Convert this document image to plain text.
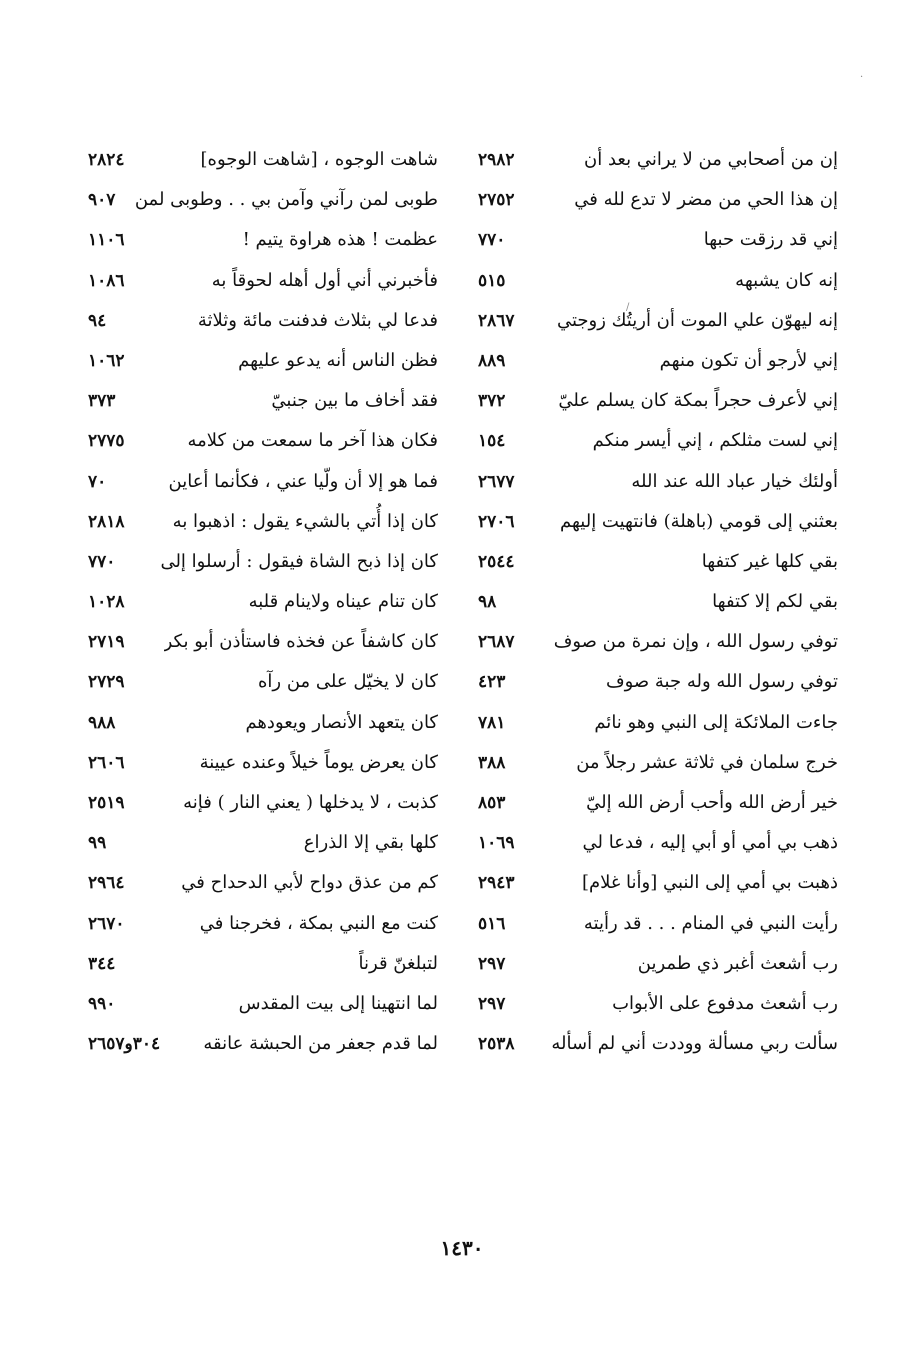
إن من أصحابي من لا يراني بعد أن
٢٩٨٢
إن هذا الحي من مضر لا تدع لله في
٢٧٥٢
إني قد رزقت حبها
٧٧٠
إنه كان يشبهه
٥١٥
إنه ليهوّن علي الموت أن أريتُك زوجتي
٢٨٦٧
إني لأرجو أن تكون منهم
٨٨٩
إني لأعرف حجراً بمكة كان يسلم عليّ
٣٧٢
إني لست مثلكم ، إني أيسر منكم
١٥٤
أولئك خيار عباد الله عند الله
٢٦٧٧
بعثني إلى قومي (باهلة) فانتهيت إليهم
٢٧٠٦
بقي كلها غير كتفها
٢٥٤٤
بقي لكم إلا كتفها
٩٨
توفي رسول الله ، وإن نمرة من صوف
٢٦٨٧
توفي رسول الله وله جبة صوف
٤٢٣
جاءت الملائكة إلى النبي وهو نائم
٧٨١
خرج سلمان في ثلاثة عشر رجلاً من
٣٨٨
خير أرض الله وأحب أرض الله إليّ
٨٥٣
ذهب بي أمي أو أبي إليه ، فدعا لي
١٠٦٩
ذهبت بي أمي إلى النبي [وأنا غلام]
٢٩٤٣
رأيت النبي في المنام . . . قد رأيته
٥١٦
رب أشعث أغبر ذي طمرين
٢٩٧
رب أشعث مدفوع على الأبواب
٢٩٧
سألت ربي مسألة ووددت أني لم أسأله
٢٥٣٨
شاهت الوجوه ، [شاهت الوجوه]
٢٨٢٤
طوبى لمن رآني وآمن بي . . وطوبى لمن
٩٠٧
عظمت ! هذه هراوة يتيم !
١١٠٦
فأخبرني أني أول أهله لحوقاً به
١٠٨٦
فدعا لي بثلاث فدفنت مائة وثلاثة
٩٤
فظن الناس أنه يدعو عليهم
١٠٦٢
فقد أخاف ما بين جنبيّ
٣٧٣
فكان هذا آخر ما سمعت من كلامه
٢٧٧٥
فما هو إلا أن ولّيا عني ، فكأنما أعاين
٧٠
كان إذا أُتي بالشيء يقول : اذهبوا به
٢٨١٨
كان إذا ذبح الشاة فيقول : أرسلوا إلى
٧٧٠
كان تنام عيناه ولاينام قلبه
١٠٢٨
كان كاشفاً عن فخذه فاستأذن أبو بكر
٢٧١٩
كان لا يخيّل على من رآه
٢٧٢٩
كان يتعهد الأنصار ويعودهم
٩٨٨
كان يعرض يوماً خيلاً وعنده عيينة
٢٦٠٦
كذبت ، لا يدخلها ( يعني النار ) فإنه
٢٥١٩
كلها بقي إلا الذراع
٩٩
كم من عذق دواح لأبي الدحداح في
٢٩٦٤
كنت مع النبي بمكة ، فخرجنا في
٢٦٧٠
لتبلغنّ قرناً
٣٤٤
لما انتهينا إلى بيت المقدس
٩٩٠
لما قدم جعفر من الحبشة عانقه
٣٠٤و٢٦٥٧
·
/
١٤٣٠
